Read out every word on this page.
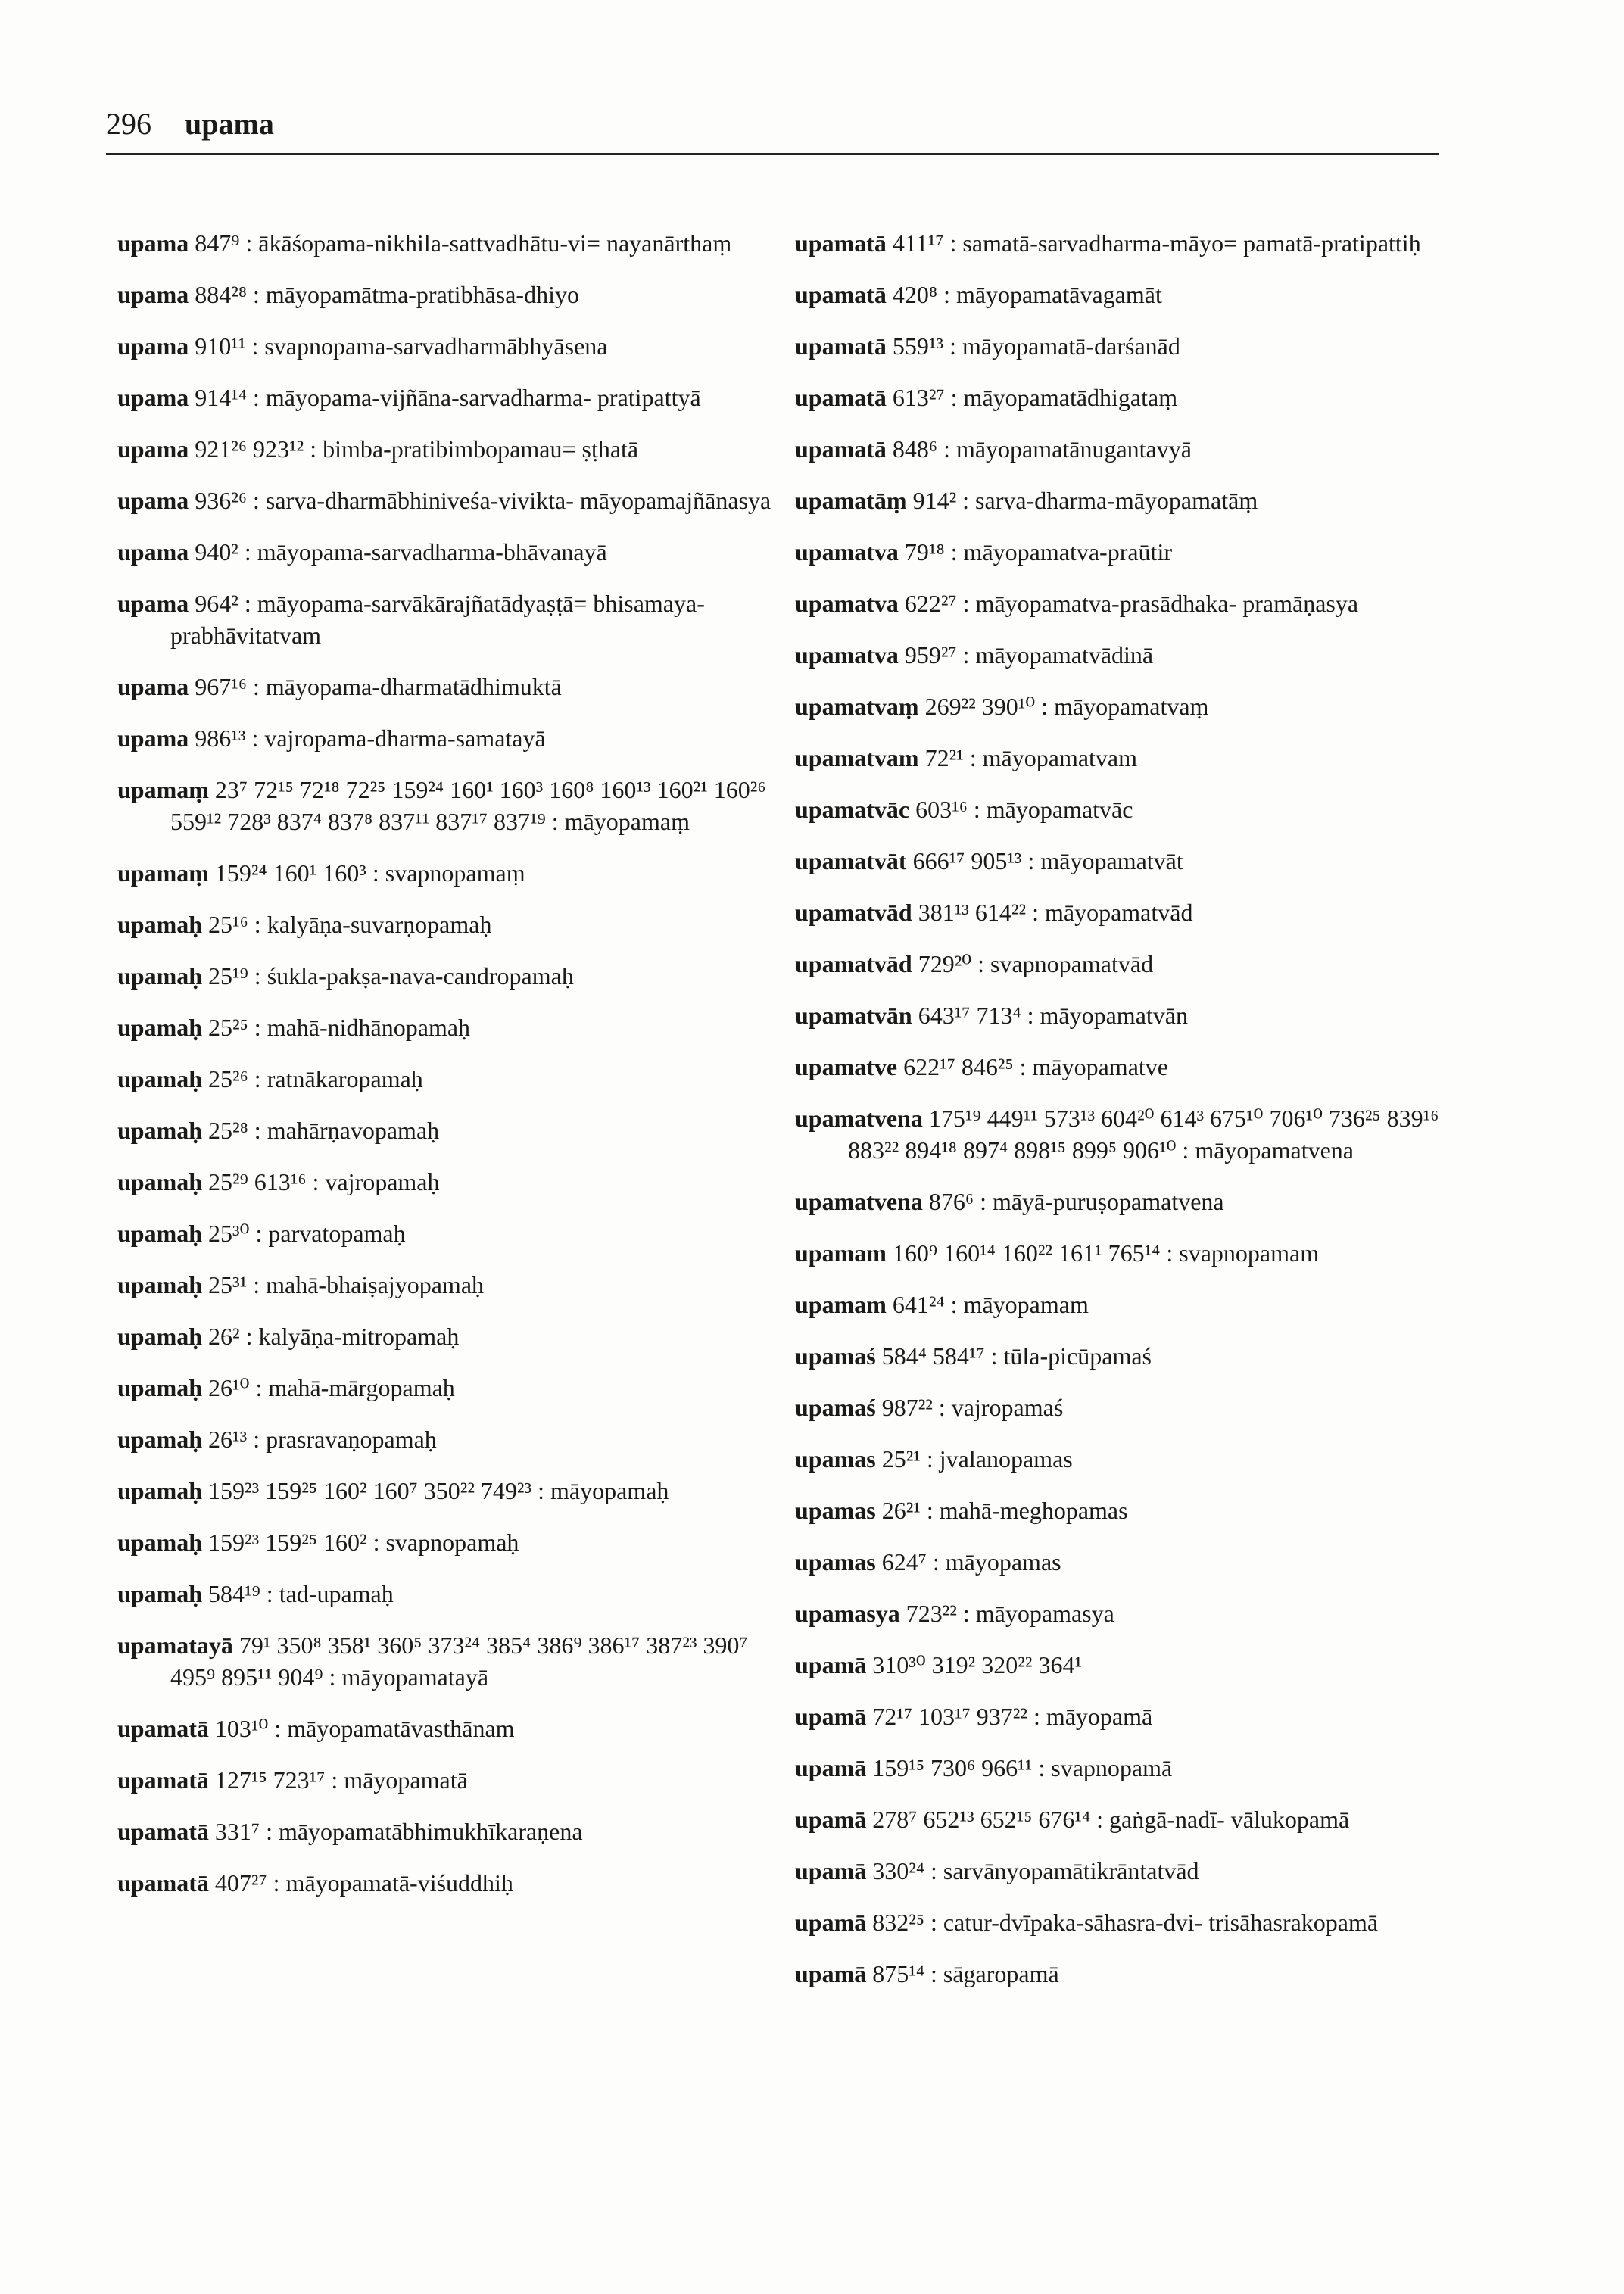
296 upama
upama 847⁹ : ākāśopama-nikhila-sattvadhātu-vi= nayanārthaṃ
upama 884²⁸ : māyopamātma-pratibhāsa-dhiyo
upama 910¹¹ : svapnopama-sarvadharmābhyāsena
upama 914¹⁴ : māyopama-vijñāna-sarvadharma- pratipattyā
upama 921²⁶ 923¹² : bimba-pratibimbopamau= ṣṭhatā
upama 936²⁶ : sarva-dharmābhiniveśa-vivikta- māyopamajñānasya
upama 940² : māyopama-sarvadharma-bhāvanayā
upama 964² : māyopama-sarvākārajñatādyaṣṭā= bhisamaya-prabhāvitatvam
upama 967¹⁶ : māyopama-dharmatādhimuktā
upama 986¹³ : vajropama-dharma-samatayā
upamaṃ 23⁷ 72¹⁵ 72¹⁸ 72²⁵ 159²⁴ 160¹ 160³ 160⁸ 160¹³ 160²¹ 160²⁶ 559¹² 728³ 837⁴ 837⁸ 837¹¹ 837¹⁷ 837¹⁹ : māyopamaṃ
upamaṃ 159²⁴ 160¹ 160³ : svapnopamaṃ
upamaḥ 25¹⁶ : kalyāṇa-suvarṇopamaḥ
upamaḥ 25¹⁹ : śukla-pakṣa-nava-candropamaḥ
upamaḥ 25²⁵ : mahā-nidhānopamaḥ
upamaḥ 25²⁶ : ratnākaropamaḥ
upamaḥ 25²⁸ : mahārṇavopamaḥ
upamaḥ 25²⁹ 613¹⁶ : vajropamaḥ
upamaḥ 25³⁰ : parvatopamaḥ
upamaḥ 25³¹ : mahā-bhaiṣajyopamaḥ
upamaḥ 26² : kalyāṇa-mitropamaḥ
upamaḥ 26¹⁰ : mahā-mārgopamaḥ
upamaḥ 26¹³ : prasravaṇopamaḥ
upamaḥ 159²³ 159²⁵ 160² 160⁷ 350²² 749²³ : māyopamaḥ
upamaḥ 159²³ 159²⁵ 160² : svapnopamaḥ
upamaḥ 584¹⁹ : tad-upamaḥ
upamatayā 79¹ 350⁸ 358¹ 360⁵ 373²⁴ 385⁴ 386⁹ 386¹⁷ 387²³ 390⁷ 495⁹ 895¹¹ 904⁹ : māyopamatayā
upamatā 103¹⁰ : māyopamatāvasthānam
upamatā 127¹⁵ 723¹⁷ : māyopamatā
upamatā 331⁷ : māyopamatābhimukhīkaraṇena
upamatā 407²⁷ : māyopamatā-viśuddhiḥ
upamatā 411¹⁷ : samatā-sarvadharma-māyo= pamatā-pratipattiḥ
upamatā 420⁸ : māyopamatāvagamāt
upamatā 559¹³ : māyopamatā-darśanād
upamatā 613²⁷ : māyopamatādhigataṃ
upamatā 848⁶ : māyopamatānugantavyā
upamatāṃ 914² : sarva-dharma-māyopamatāṃ
upamatva 79¹⁸ : māyopamatva-praūtir
upamatva 622²⁷ : māyopamatva-prasādhaka- pramāṇasya
upamatva 959²⁷ : māyopamatvādinā
upamatvaṃ 269²² 390¹⁰ : māyopamatvaṃ
upamatvam 72²¹ : māyopamatvam
upamatvāc 603¹⁶ : māyopamatvāc
upamatvāt 666¹⁷ 905¹³ : māyopamatvāt
upamatvād 381¹³ 614²² : māyopamatvād
upamatvād 729²⁰ : svapnopamatvād
upamatvān 643¹⁷ 713⁴ : māyopamatvān
upamatve 622¹⁷ 846²⁵ : māyopamatve
upamatvena 175¹⁹ 449¹¹ 573¹³ 604²⁰ 614³ 675¹⁰ 706¹⁰ 736²⁵ 839¹⁶ 883²² 894¹⁸ 897⁴ 898¹⁵ 899⁵ 906¹⁰ : māyopamatvena
upamatvena 876⁶ : māyā-puruṣopamatvena
upamam 160⁹ 160¹⁴ 160²² 161¹ 765¹⁴ : svapnopamam
upamam 641²⁴ : māyopamam
upamaś 584⁴ 584¹⁷ : tūla-picūpamaś
upamaś 987²² : vajropamaś
upamas 25²¹ : jvalanopamas
upamas 26²¹ : mahā-meghopamas
upamas 624⁷ : māyopamas
upamasya 723²² : māyopamasya
upamā 310³⁰ 319² 320²² 364¹
upamā 72¹⁷ 103¹⁷ 937²² : māyopamā
upamā 159¹⁵ 730⁶ 966¹¹ : svapnopamā
upamā 278⁷ 652¹³ 652¹⁵ 676¹⁴ : gaṅgā-nadī- vālukopamā
upamā 330²⁴ : sarvānyopamātikrāntatvād
upamā 832²⁵ : catur-dvīpaka-sāhasra-dvi- trisāhasrakopamā
upamā 875¹⁴ : sāgaropamā
